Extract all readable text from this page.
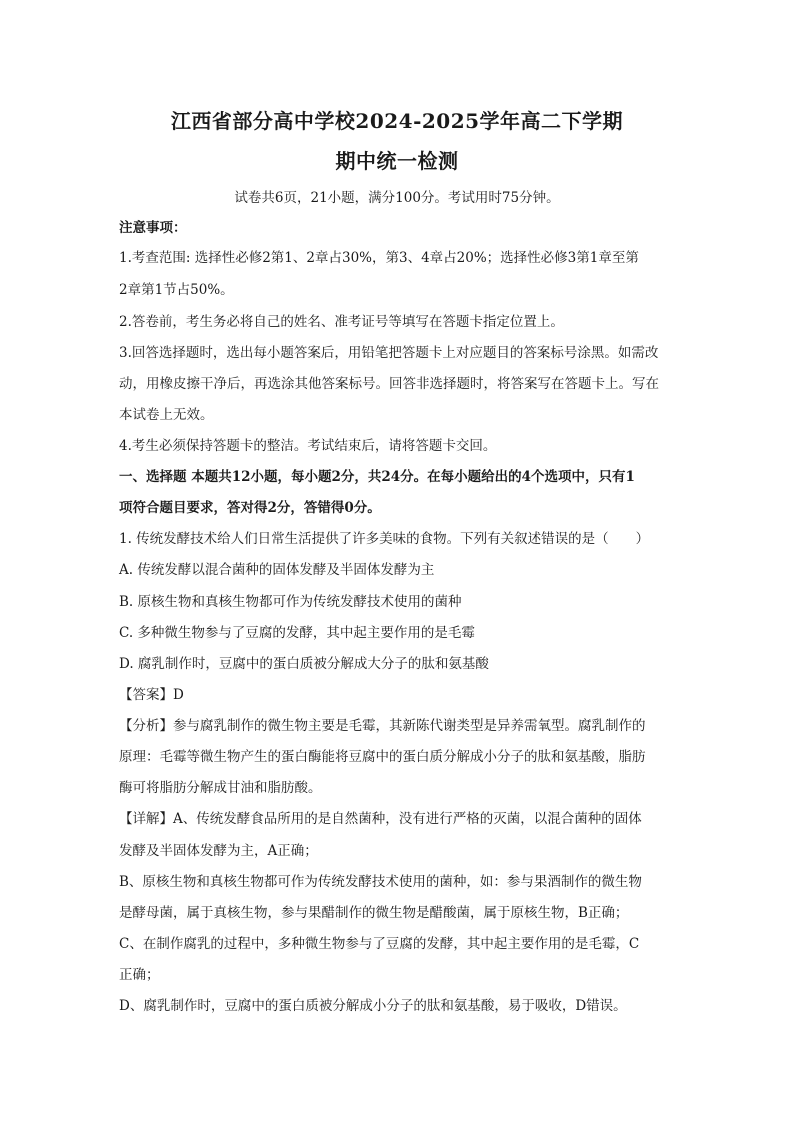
江西省部分高中学校2024-2025学年高二下学期
期中统一检测
试卷共6页，21小题，满分100分。考试用时75分钟。
注意事项：
1.考查范围: 选择性必修2第1、2章占30%，第3、4章占20%；选择性必修3第1章至第
2章第1节占50%。
2.答卷前，考生务必将自己的姓名、准考证号等填写在答题卡指定位置上。
3.回答选择题时，选出每小题答案后，用铅笔把答题卡上对应题目的答案标号涂黑。如需改
动，用橡皮擦干净后，再选涂其他答案标号。回答非选择题时，将答案写在答题卡上。写在
本试卷上无效。
4.考生必须保持答题卡的整洁。考试结束后，请将答题卡交回。
一、选择题 本题共12小题，每小题2分，共24分。在每小题给出的4个选项中，只有1
项符合题目要求，答对得2分，答错得0分。
1. 传统发酵技术给人们日常生活提供了许多美味的食物。下列有关叙述错误的是（　　）
A. 传统发酵以混合菌种的固体发酵及半固体发酵为主
B. 原核生物和真核生物都可作为传统发酵技术使用的菌种
C. 多种微生物参与了豆腐的发酵，其中起主要作用的是毛霉
D. 腐乳制作时，豆腐中的蛋白质被分解成大分子的肽和氨基酸
【答案】D
【分析】参与腐乳制作的微生物主要是毛霉，其新陈代谢类型是异养需氧型。腐乳制作的
原理：毛霉等微生物产生的蛋白酶能将豆腐中的蛋白质分解成小分子的肽和氨基酸，脂肪
酶可将脂肪分解成甘油和脂肪酸。
【详解】A、传统发酵食品所用的是自然菌种，没有进行严格的灭菌，以混合菌种的固体
发酵及半固体发酵为主，A正确；
B、原核生物和真核生物都可作为传统发酵技术使用的菌种，如：参与果酒制作的微生物
是酵母菌，属于真核生物，参与果醋制作的微生物是醋酸菌，属于原核生物，B正确；
C、在制作腐乳的过程中，多种微生物参与了豆腐的发酵，其中起主要作用的是毛霉，C
正确；
D、腐乳制作时，豆腐中的蛋白质被分解成小分子的肽和氨基酸，易于吸收，D错误。
